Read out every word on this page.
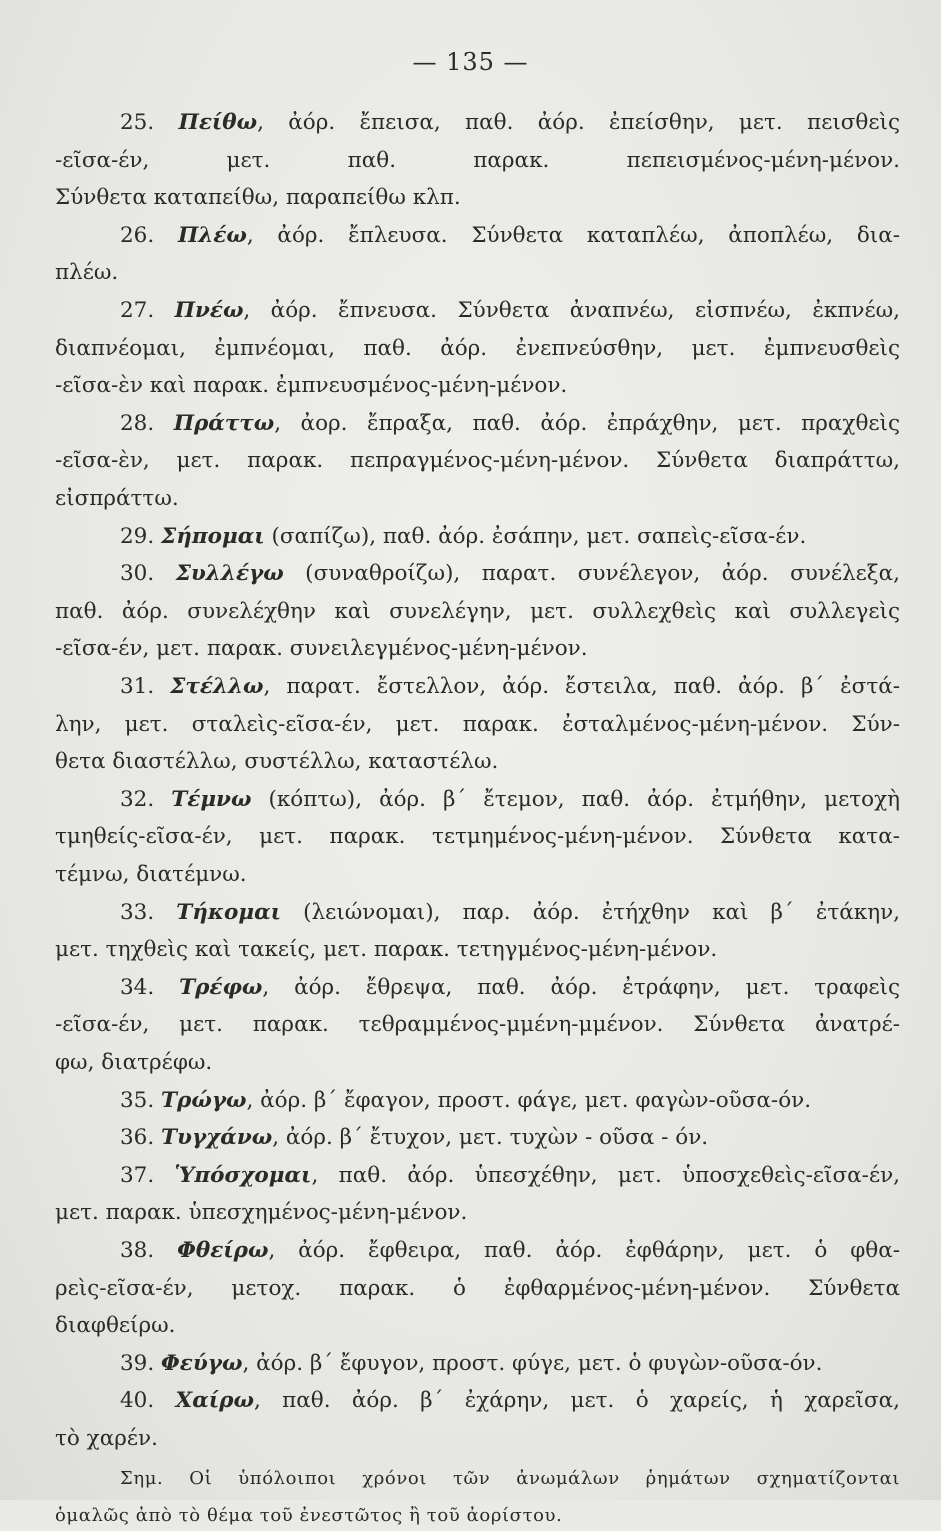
— 135 —
25. Πείθω, ἀόρ. ἔπεισα, παθ. ἀόρ. ἐπείσθην, μετ. πεισθεὶς
-εῖσα-έν, μετ. παθ. παρακ. πεπεισμένος-μένη-μένον.
Σύνθετα καταπείθω, παραπείθω κλπ.
26. Πλέω, ἀόρ. ἔπλευσα. Σύνθετα καταπλέω, ἀποπλέω, δια-
πλέω.
27. Πνέω, ἀόρ. ἔπνευσα. Σύνθετα ἀναπνέω, εἰσπνέω, ἐκπνέω,
διαπνέομαι, ἐμπνέομαι, παθ. ἀόρ. ἐνεπνεύσθην, μετ. ἐμπνευσθεὶς
-εῖσα-ὲν καὶ παρακ. ἐμπνευσμένος-μένη-μένον.
28. Πράττω, ἀορ. ἔπραξα, παθ. ἀόρ. ἐπράχθην, μετ. πραχθεὶς
-εῖσα-ὲν, μετ. παρακ. πεπραγμένος-μένη-μένον. Σύνθετα διαπράττω,
εἰσπράττω.
29. Σήπομαι (σαπίζω), παθ. ἀόρ. ἐσάπην, μετ. σαπεὶς-εῖσα-έν.
30. Συλλέγω (συναθροίζω), παρατ. συνέλεγον, ἀόρ. συνέλεξα,
παθ. ἀόρ. συνελέχθην καὶ συνελέγην, μετ. συλλεχθεὶς καὶ συλλεγεὶς
-εῖσα-έν, μετ. παρακ. συνειλεγμένος-μένη-μένον.
31. Στέλλω, παρατ. ἔστελλον, ἀόρ. ἔστειλα, παθ. ἀόρ. β΄ ἐστά-
λην, μετ. σταλεὶς-εῖσα-έν, μετ. παρακ. ἐσταλμένος-μένη-μένον. Σύν-
θετα διαστέλλω, συστέλλω, καταστέλω.
32. Τέμνω (κόπτω), ἀόρ. β΄ ἔτεμον, παθ. ἀόρ. ἐτμήθην, μετοχὴ
τμηθείς-εῖσα-έν, μετ. παρακ. τετμημένος-μένη-μένον. Σύνθετα κατα-
τέμνω, διατέμνω.
33. Τήκομαι (λειώνομαι), παρ. ἀόρ. ἐτήχθην καὶ β΄ ἐτάκην,
μετ. τηχθεὶς καὶ τακείς, μετ. παρακ. τετηγμένος-μένη-μένον.
34. Τρέφω, ἀόρ. ἔθρεψα, παθ. ἀόρ. ἐτράφην, μετ. τραφεὶς
-εῖσα-έν, μετ. παρακ. τεθραμμένος-μμένη-μμένον. Σύνθετα ἀνατρέ-
φω, διατρέφω.
35. Τρώγω, ἀόρ. β΄ ἔφαγον, προστ. φάγε, μετ. φαγὼν-οῦσα-όν.
36. Τυγχάνω, ἀόρ. β΄ ἔτυχον, μετ. τυχὼν - οῦσα - όν.
37. Ὑπόσχομαι, παθ. ἀόρ. ὑπεσχέθην, μετ. ὑποσχεθεὶς-εῖσα-έν,
μετ. παρακ. ὑπεσχημένος-μένη-μένον.
38. Φθείρω, ἀόρ. ἔφθειρα, παθ. ἀόρ. ἐφθάρην, μετ. ὁ φθα-
ρεὶς-εῖσα-έν, μετοχ. παρακ. ὁ ἐφθαρμένος-μένη-μένον. Σύνθετα
διαφθείρω.
39. Φεύγω, ἀόρ. β΄ ἔφυγον, προστ. φύγε, μετ. ὁ φυγὼν-οῦσα-όν.
40. Χαίρω, παθ. ἀόρ. β΄ ἐχάρην, μετ. ὁ χαρείς, ἡ χαρεῖσα,
τὸ χαρέν.
Σημ. Οἱ ὑπόλοιποι χρόνοι τῶν ἀνωμάλων ῥημάτων σχηματίζονται
ὁμαλῶς ἀπὸ τὸ θέμα τοῦ ἐνεστῶτος ἢ τοῦ ἀορίστου.
